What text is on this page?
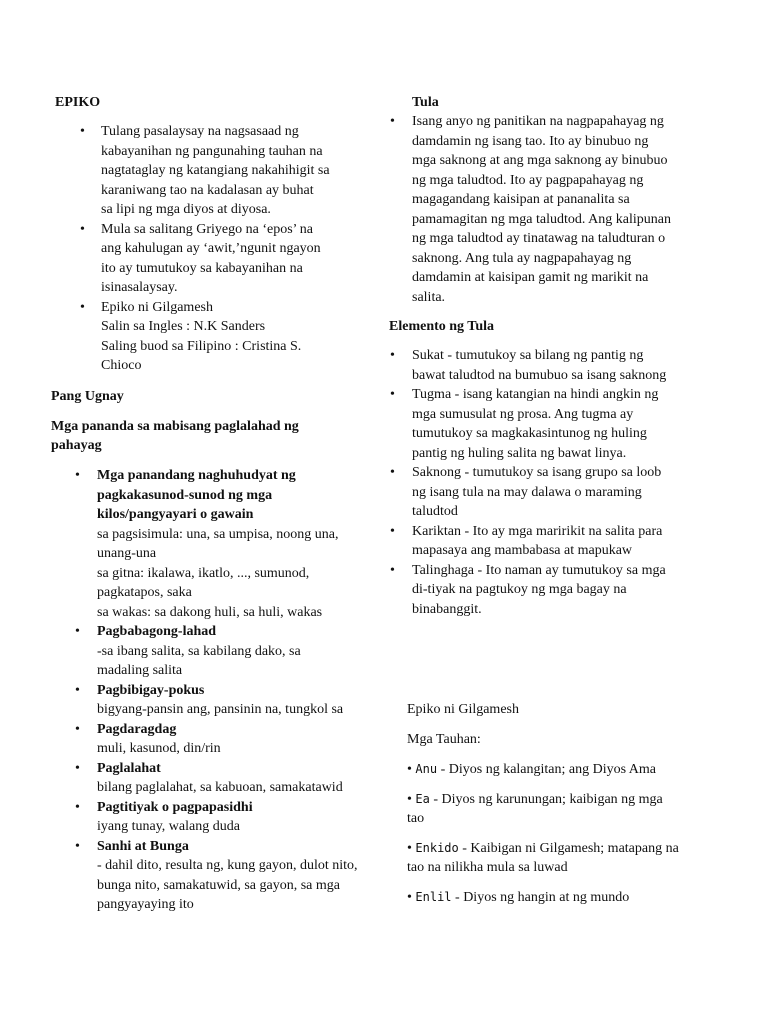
EPIKO

• Tulang pasalaysay na nagsasaad ng
kabayanihan ng pangunahing tauhan na
nagtataglay ng katangiang nakahihigit sa
karaniwang tao na kadalasan ay buhat
sa lipi ng mga diyos at diyosa.
• Mula sa salitang Griyego na ‘epos’ na
ang kahulugan ay ‘awit,’ngunit ngayon
ito ay tumutukoy sa kabayanihan na
isinasalaysay.
• Epiko ni Gilgamesh
Salin sa Ingles : N.K Sanders
Saling buod sa Filipino : Cristina S.
Chioco

Pang Ugnay

Mga pananda sa mabisang paglalahad ng pahayag

• Mga panandang naghuhudyat ng pagkakasunod-sunod ng mga kilos/pangyayari o gawain
sa pagsisimula: una, sa umpisa, noong una, unang-una
sa gitna: ikalawa, ikatlo, ..., sumunod, pagkatapos, saka
sa wakas: sa dakong huli, sa huli, wakas
• Pagbabagong-lahad
-sa ibang salita, sa kabilang dako, sa madaling salita
• Pagbibigay-pokus
bigyang-pansin ang, pansinin na, tungkol sa
• Pagdaragdag
muli, kasunod, din/rin
• Paglalahat
bilang paglalahat, sa kabuoan, samakatawid
• Pagtitiyak o pagpapasidhi
iyang tunay, walang duda
• Sanhi at Bunga
- dahil dito, resulta ng, kung gayon, dulot nito, bunga nito, samakatuwid, sa gayon, sa mga pangyayaying ito

Tula

• Isang anyo ng panitikan na nagpapahayag ng damdamin ng isang tao. Ito ay binubuo ng mga saknong at ang mga saknong ay binubuo ng mga taludtod. Ito ay pagpapahayag ng magagandang kaisipan at pananalita sa pamamagitan ng mga taludtod. Ang kalipunan ng mga taludtod ay tinatawag na taludturan o saknong. Ang tula ay nagpapahayag ng damdamin at kaisipan gamit ng marikit na salita.

Elemento ng Tula

• Sukat - tumutukoy sa bilang ng pantig ng bawat taludtod na bumubuo sa isang saknong
• Tugma - isang katangian na hindi angkin ng mga sumusulat ng prosa. Ang tugma ay tumutukoy sa magkakasintunog ng huling pantig ng huling salita ng bawat linya.
• Saknong - tumutukoy sa isang grupo sa loob ng isang tula na may dalawa o maraming taludtod
• Kariktan - Ito ay mga maririkit na salita para mapasaya ang mambabasa at mapukaw
• Talinghaga - Ito naman ay tumutukoy sa mga di-tiyak na pagtukoy ng mga bagay na binabanggit.

Epiko ni Gilgamesh

Mga Tauhan:

• Anu - Diyos ng kalangitan; ang Diyos Ama

• Ea - Diyos ng karunungan; kaibigan ng mga tao

• Enkido - Kaibigan ni Gilgamesh; matapang na tao na nilikha mula sa luwad

• Enlil - Diyos ng hangin at ng mundo
